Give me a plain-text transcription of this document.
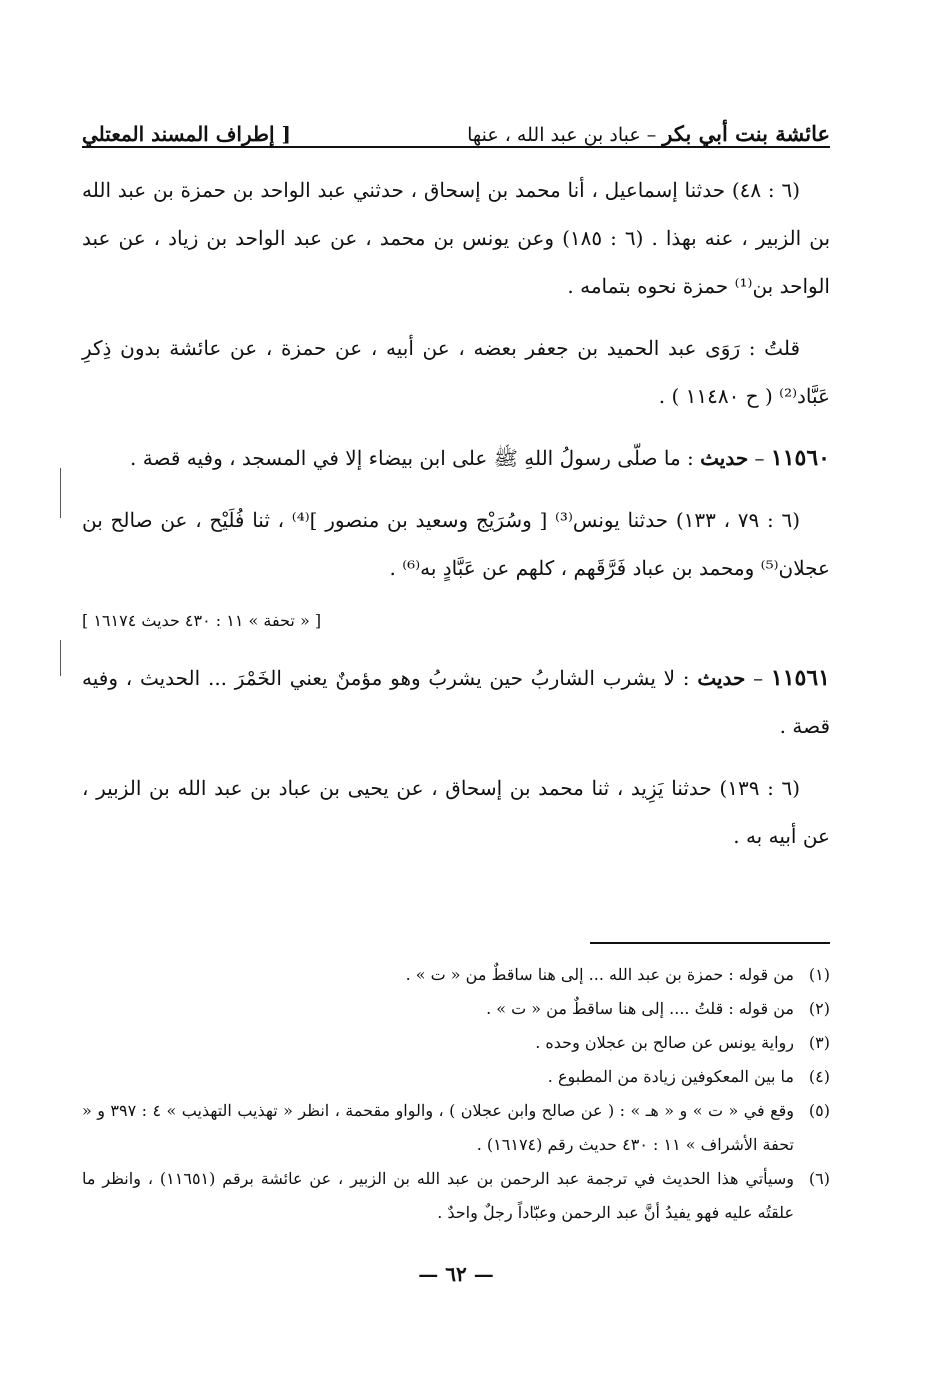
عائشة بنت أبي بكر – عباد بن عبد الله ، عنها
[ إطراف المسند المعتلي

(٦ : ٤٨) حدثنا إسماعيل ، أنا محمد بن إسحاق ، حدثني عبد الواحد بن حمزة بن عبد الله بن الزبير ، عنه بهذا . (٦ : ١٨٥) وعن يونس بن محمد ، عن عبد الواحد بن زياد ، عن عبد الواحد بن⁽¹⁾ حمزة نحوه بتمامه .

قلتُ : رَوَى عبد الحميد بن جعفر بعضه ، عن أبيه ، عن حمزة ، عن عائشة بدون ذِكرِ عَبَّاد⁽²⁾ ( ح ١١٤٨٠ ) .

١١٥٦٠ – حديث : ما صلّى رسولُ اللهِ ﷺ على ابن بيضاء إلا في المسجد ، وفيه قصة .

(٦ : ٧٩ ، ١٣٣) حدثنا يونس⁽³⁾ [ وسُرَيْج وسعيد بن منصور ]⁽⁴⁾ ، ثنا فُلَيْح ، عن صالح بن عجلان⁽⁵⁾ ومحمد بن عباد فَرَّقَهم ، كلهم عن عَبَّادٍ به⁽⁶⁾ .

[ « تحفة » ١١ : ٤٣٠ حديث ١٦١٧٤ ]

١١٥٦١ – حديث : لا يشرب الشاربُ حين يشربُ وهو مؤمنٌ يعني الخَمْرَ ... الحديث ، وفيه قصة .

(٦ : ١٣٩) حدثنا يَزِيد ، ثنا محمد بن إسحاق ، عن يحيى بن عباد بن عبد الله بن الزبير ، عن أبيه به .

(١)
من قوله : حمزة بن عبد الله ... إلى هنا ساقطٌ من « ت » .
(٢)
من قوله : قلتُ .... إلى هنا ساقطٌ من « ت » .
(٣)
رواية يونس عن صالح بن عجلان وحده .
(٤)
ما بين المعكوفين زيادة من المطبوع .
(٥)
وقع في « ت » و « هـ » : ( عن صالح وابن عجلان ) ، والواو مقحمة ، انظر « تهذيب التهذيب » ٤ : ٣٩٧ و « تحفة الأشراف » ١١ : ٤٣٠ حديث رقم (١٦١٧٤) .
(٦)
وسيأتي هذا الحديث في ترجمة عبد الرحمن بن عبد الله بن الزبير ، عن عائشة برقم (١١٦٥١) ، وانظر ما علقتُه عليه فهو يفيدُ أنَّ عبد الرحمن وعبّاداً رجلٌ واحدٌ .
— ٦٢ —
